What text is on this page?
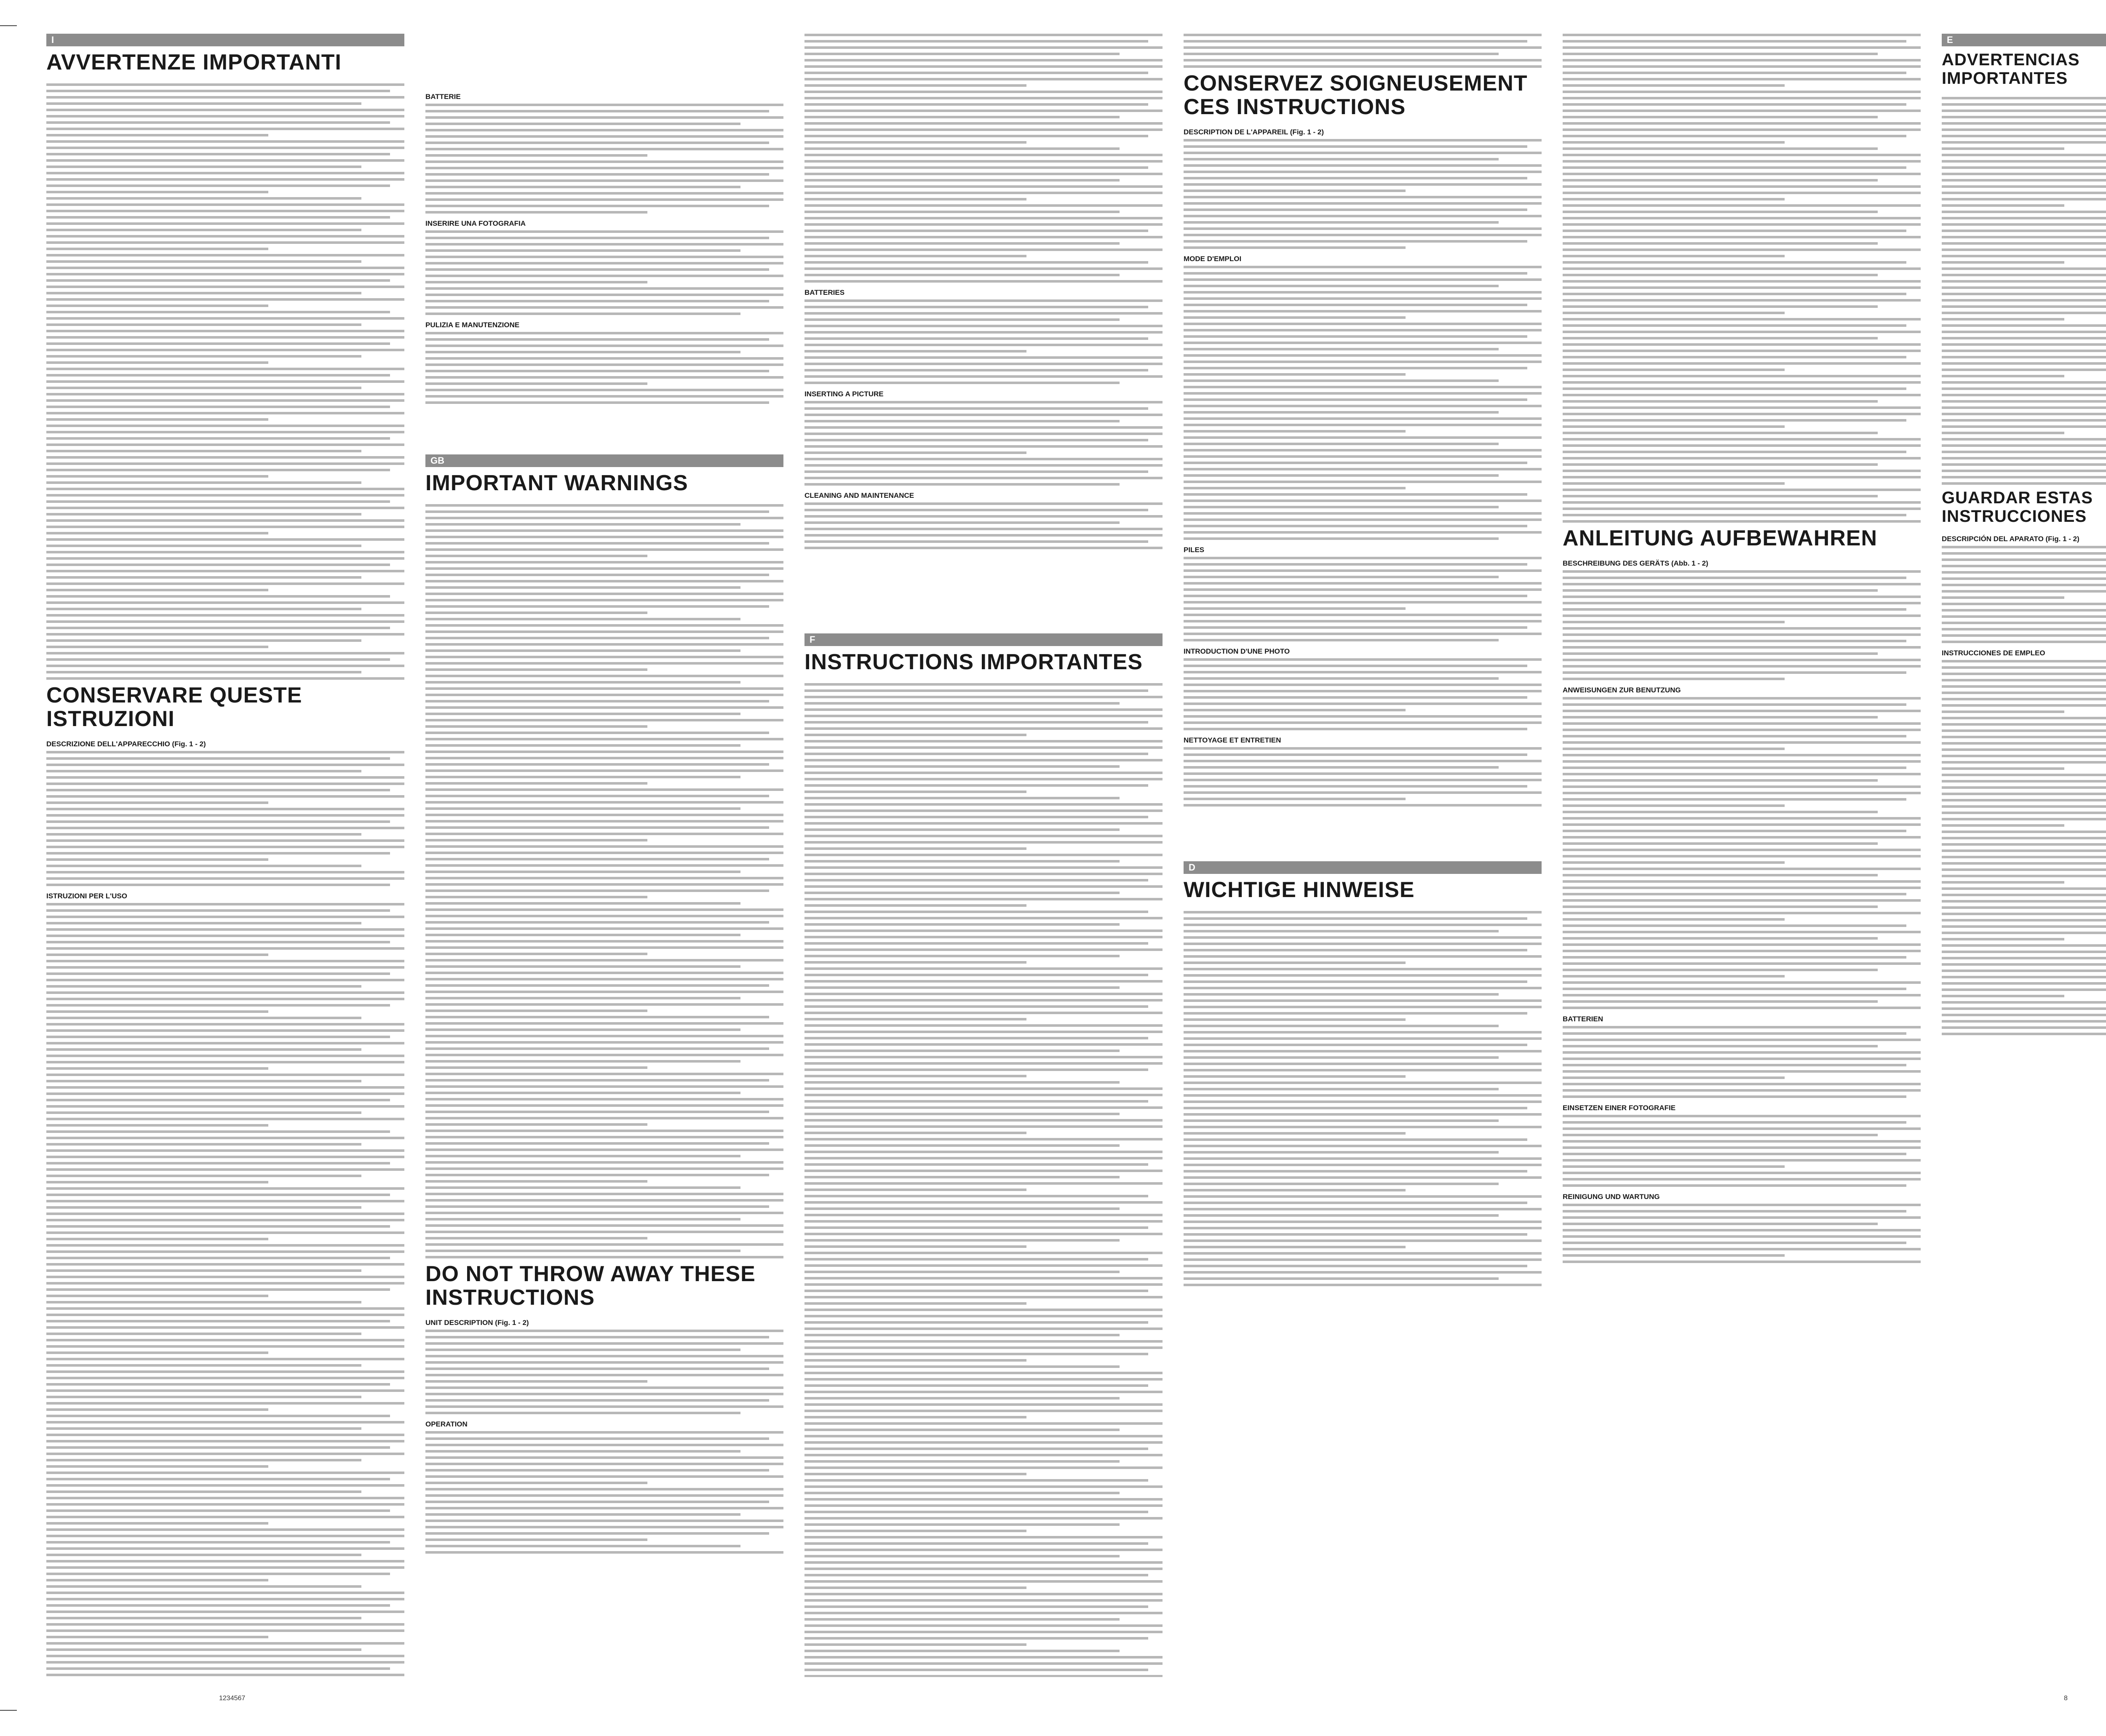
I
AVVERTENZE IMPORTANTI
CONSERVARE QUESTE ISTRUZIONI
DESCRIZIONE DELL'APPARECCHIO (Fig. 1 - 2)
ISTRUZIONI PER L'USO
BATTERIE
INSERIRE UNA FOTOGRAFIA
PULIZIA E MANUTENZIONE
GB
IMPORTANT WARNINGS
DO NOT THROW AWAY THESE INSTRUCTIONS
UNIT DESCRIPTION (Fig. 1 - 2)
OPERATION
BATTERIES
INSERTING A PICTURE
CLEANING AND MAINTENANCE
F
INSTRUCTIONS IMPORTANTES
CONSERVEZ SOIGNEUSEMENT CES INSTRUCTIONS
DESCRIPTION DE L'APPAREIL (Fig. 1 - 2)
MODE D'EMPLOI
PILES
INTRODUCTION D'UNE PHOTO
NETTOYAGE ET ENTRETIEN
D
WICHTIGE HINWEISE
ANLEITUNG AUFBEWAHREN
BESCHREIBUNG DES GERÄTS (Abb. 1 - 2)
ANWEISUNGEN ZUR BENUTZUNG
BATTERIEN
EINSETZEN EINER FOTOGRAFIE
REINIGUNG UND WARTUNG
1234567	8
E
ADVERTENCIAS IMPORTANTES
GUARDAR ESTAS INSTRUCCIONES
DESCRIPCIÓN DEL APARATO (Fig. 1 - 2)
INSTRUCCIONES DE EMPLEO
